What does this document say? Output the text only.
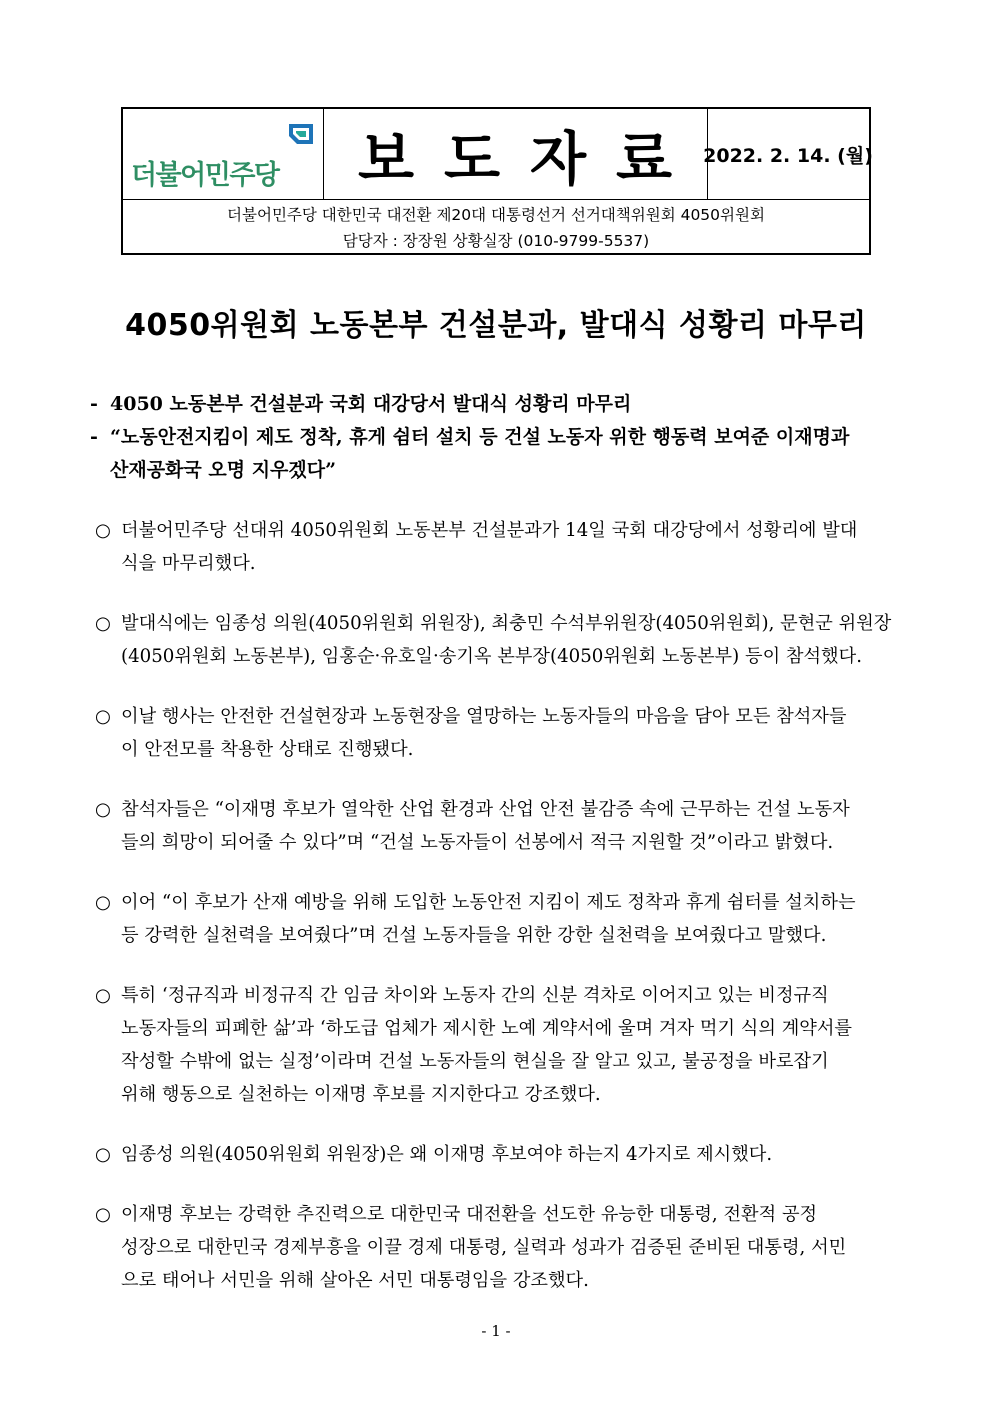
더불어민주당	보도자료 2022. 2. 14. (월)
더불어민주당 대한민국 대전환 제20대 대통령선거 선거대책위원회 4050위원회
담당자 : 장장원 상황실장 (010-9799-5537)
4050위원회 노동본부 건설분과, 발대식 성황리 마무리
- 4050 노동본부 건설분과 국회 대강당서 발대식 성황리 마무리
- “노동안전지킴이 제도 정착, 휴게 쉼터 설치 등 건설 노동자 위한 행동력 보여준 이재명과
산재공화국 오명 지우겠다”
○ 더불어민주당 선대위 4050위원회 노동본부 건설분과가 14일 국회 대강당에서 성황리에 발대
식을 마무리했다.
○ 발대식에는 임종성 의원(4050위원회 위원장), 최충민 수석부위원장(4050위원회), 문현군 위원장
(4050위원회 노동본부), 임홍순·유호일·송기옥 본부장(4050위원회 노동본부) 등이 참석했다.
○ 이날 행사는 안전한 건설현장과 노동현장을 열망하는 노동자들의 마음을 담아 모든 참석자들
이 안전모를 착용한 상태로 진행됐다.
○ 참석자들은 “이재명 후보가 열악한 산업 환경과 산업 안전 불감증 속에 근무하는 건설 노동자
들의 희망이 되어줄 수 있다”며 “건설 노동자들이 선봉에서 적극 지원할 것”이라고 밝혔다.
○ 이어 “이 후보가 산재 예방을 위해 도입한 노동안전 지킴이 제도 정착과 휴게 쉼터를 설치하는
등 강력한 실천력을 보여줬다”며 건설 노동자들을 위한 강한 실천력을 보여줬다고 말했다.
○ 특히 ‘정규직과 비정규직 간 임금 차이와 노동자 간의 신분 격차로 이어지고 있는 비정규직
노동자들의 피폐한 삶’과 ‘하도급 업체가 제시한 노예 계약서에 울며 겨자 먹기 식의 계약서를
작성할 수밖에 없는 실정’이라며 건설 노동자들의 현실을 잘 알고 있고, 불공정을 바로잡기
위해 행동으로 실천하는 이재명 후보를 지지한다고 강조했다.
○ 임종성 의원(4050위원회 위원장)은 왜 이재명 후보여야 하는지 4가지로 제시했다.
○ 이재명 후보는 강력한 추진력으로 대한민국 대전환을 선도한 유능한 대통령, 전환적 공정
성장으로 대한민국 경제부흥을 이끌 경제 대통령, 실력과 성과가 검증된 준비된 대통령, 서민
으로 태어나 서민을 위해 살아온 서민 대통령임을 강조했다.
- 1 -
